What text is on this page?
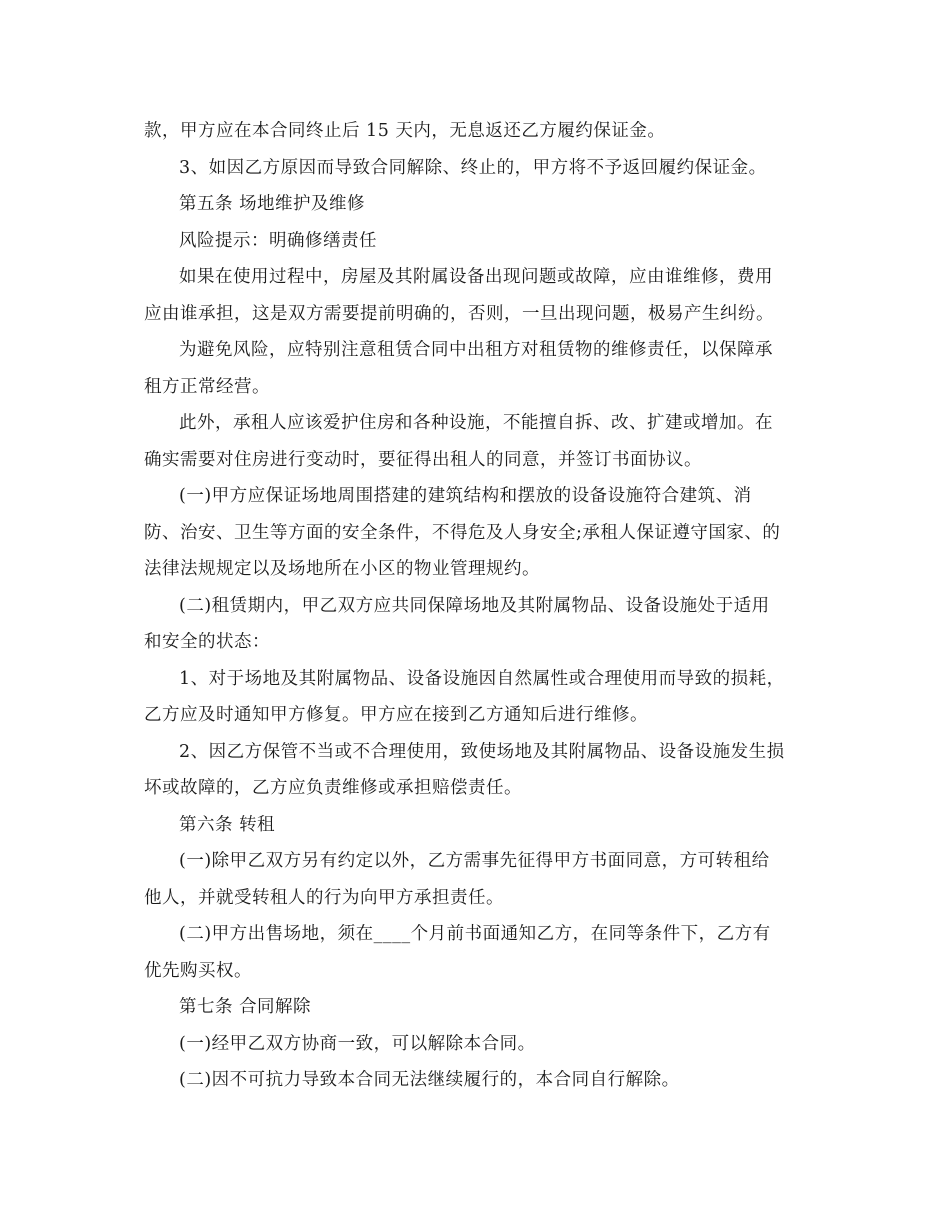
款，甲方应在本合同终止后 15 天内，无息返还乙方履约保证金。
3、如因乙方原因而导致合同解除、终止的，甲方将不予返回履约保证金。
第五条 场地维护及维修
风险提示：明确修缮责任
如果在使用过程中，房屋及其附属设备出现问题或故障，应由谁维修，费用
应由谁承担，这是双方需要提前明确的，否则，一旦出现问题，极易产生纠纷。
为避免风险，应特别注意租赁合同中出租方对租赁物的维修责任，以保障承
租方正常经营。
此外，承租人应该爱护住房和各种设施，不能擅自拆、改、扩建或增加。在
确实需要对住房进行变动时，要征得出租人的同意，并签订书面协议。
(一)甲方应保证场地周围搭建的建筑结构和摆放的设备设施符合建筑、消
防、治安、卫生等方面的安全条件，不得危及人身安全;承租人保证遵守国家、的
法律法规规定以及场地所在小区的物业管理规约。
(二)租赁期内，甲乙双方应共同保障场地及其附属物品、设备设施处于适用
和安全的状态：
1、对于场地及其附属物品、设备设施因自然属性或合理使用而导致的损耗，
乙方应及时通知甲方修复。甲方应在接到乙方通知后进行维修。
2、因乙方保管不当或不合理使用，致使场地及其附属物品、设备设施发生损
坏或故障的，乙方应负责维修或承担赔偿责任。
第六条 转租
(一)除甲乙双方另有约定以外，乙方需事先征得甲方书面同意，方可转租给
他人，并就受转租人的行为向甲方承担责任。
(二)甲方出售场地，须在____个月前书面通知乙方，在同等条件下，乙方有
优先购买权。
第七条 合同解除
(一)经甲乙双方协商一致，可以解除本合同。
(二)因不可抗力导致本合同无法继续履行的，本合同自行解除。
